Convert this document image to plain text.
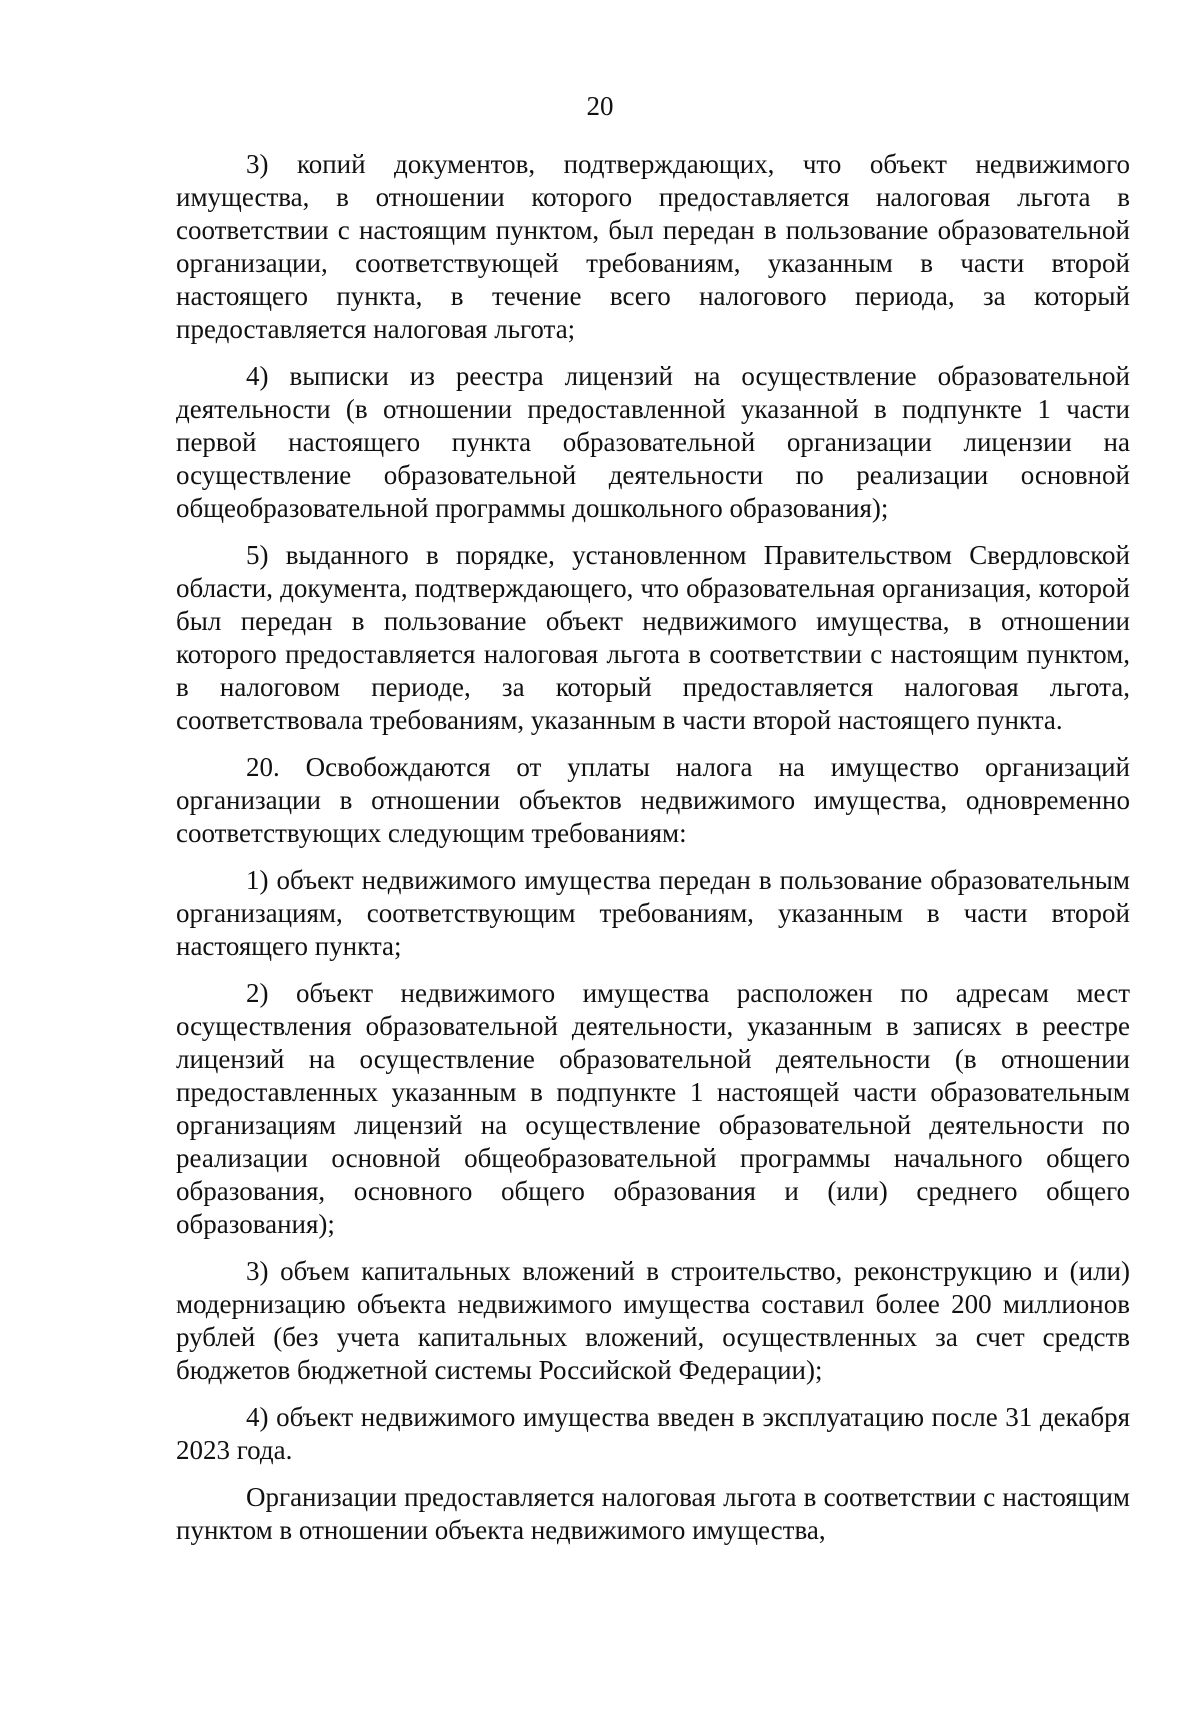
20

3) копий документов, подтверждающих, что объект недвижимого имущества, в отношении которого предоставляется налоговая льгота в соответствии с настоящим пунктом, был передан в пользование образовательной организации, соответствующей требованиям, указанным в части второй настоящего пункта, в течение всего налогового периода, за который предоставляется налоговая льгота;

4) выписки из реестра лицензий на осуществление образовательной деятельности (в отношении предоставленной указанной в подпункте 1 части первой настоящего пункта образовательной организации лицензии на осуществление образовательной деятельности по реализации основной общеобразовательной программы дошкольного образования);

5) выданного в порядке, установленном Правительством Свердловской области, документа, подтверждающего, что образовательная организация, которой был передан в пользование объект недвижимого имущества, в отношении которого предоставляется налоговая льгота в соответствии с настоящим пунктом, в налоговом периоде, за который предоставляется налоговая льгота, соответствовала требованиям, указанным в части второй настоящего пункта.

20. Освобождаются от уплаты налога на имущество организаций организации в отношении объектов недвижимого имущества, одновременно соответствующих следующим требованиям:

1) объект недвижимого имущества передан в пользование образовательным организациям, соответствующим требованиям, указанным в части второй настоящего пункта;

2) объект недвижимого имущества расположен по адресам мест осуществления образовательной деятельности, указанным в записях в реестре лицензий на осуществление образовательной деятельности (в отношении предоставленных указанным в подпункте 1 настоящей части образовательным организациям лицензий на осуществление образовательной деятельности по реализации основной общеобразовательной программы начального общего образования, основного общего образования и (или) среднего общего образования);

3) объем капитальных вложений в строительство, реконструкцию и (или) модернизацию объекта недвижимого имущества составил более 200 миллионов рублей (без учета капитальных вложений, осуществленных за счет средств бюджетов бюджетной системы Российской Федерации);

4) объект недвижимого имущества введен в эксплуатацию после 31 декабря 2023 года.

Организации предоставляется налоговая льгота в соответствии с настоящим пунктом в отношении объекта недвижимого имущества,
